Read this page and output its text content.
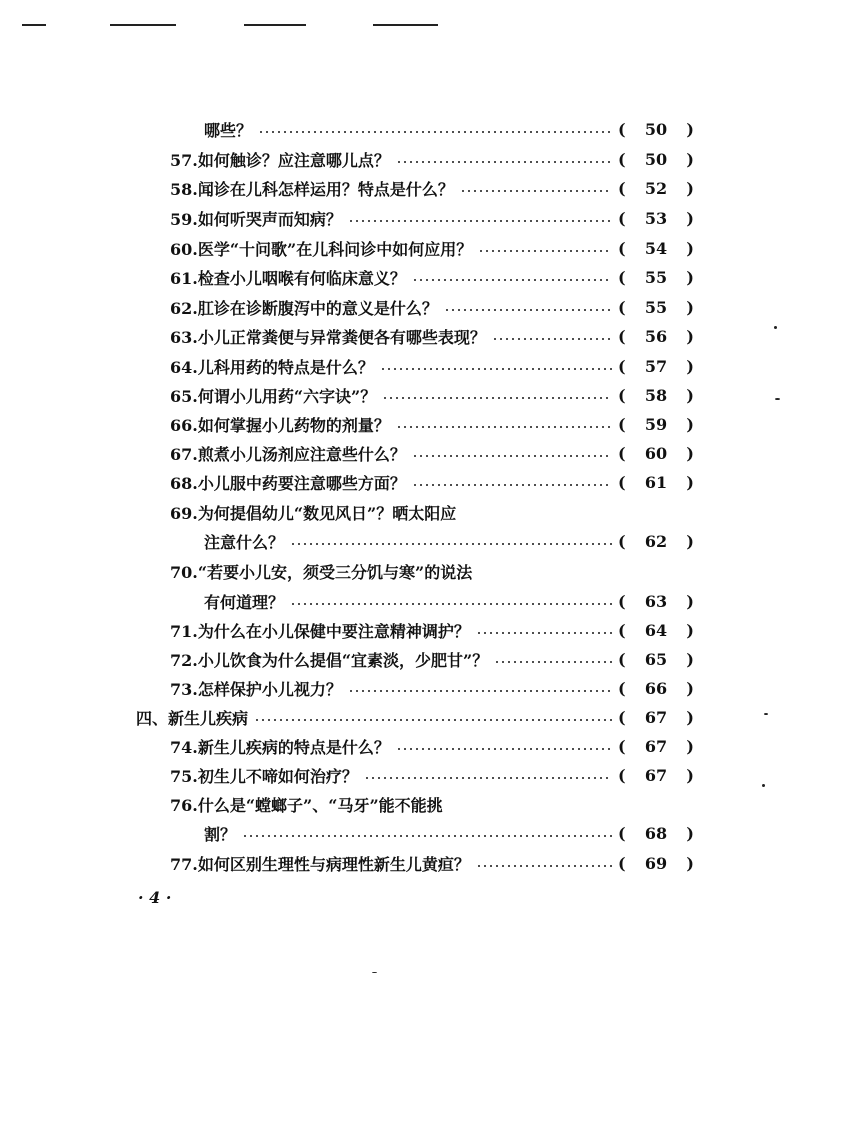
哪些？	( 50 )
57.如何触诊？应注意哪儿点？	( 50 )
58.闻诊在儿科怎样运用？特点是什么？	( 52 )
59.如何听哭声而知病？	( 53 )
60.医学“十问歌”在儿科问诊中如何应用？	( 54 )
61.检查小儿咽喉有何临床意义？	( 55 )
62.肛诊在诊断腹泻中的意义是什么？	( 55 )
63.小儿正常粪便与异常粪便各有哪些表现？	( 56 )
64.儿科用药的特点是什么？	( 57 )
65.何谓小儿用药“六字诀”？	( 58 )
66.如何掌握小儿药物的剂量？	( 59 )
67.煎煮小儿汤剂应注意些什么？	( 60 )
68.小儿服中药要注意哪些方面？	( 61 )
69.为何提倡幼儿“数见风日”？晒太阳应
注意什么？	( 62 )
70.“若要小儿安，须受三分饥与寒”的说法
有何道理？	( 63 )
71.为什么在小儿保健中要注意精神调护？	( 64 )
72.小儿饮食为什么提倡“宜素淡，少肥甘”？	( 65 )
73.怎样保护小儿视力？	( 66 )
四、新生儿疾病	( 67 )
74.新生儿疾病的特点是什么？	( 67 )
75.初生儿不啼如何治疗？	( 67 )
76.什么是“螳螂子”、“马牙”能不能挑
割？	( 68 )
77.如何区别生理性与病理性新生儿黄疸？	( 69 )
· 4 ·
